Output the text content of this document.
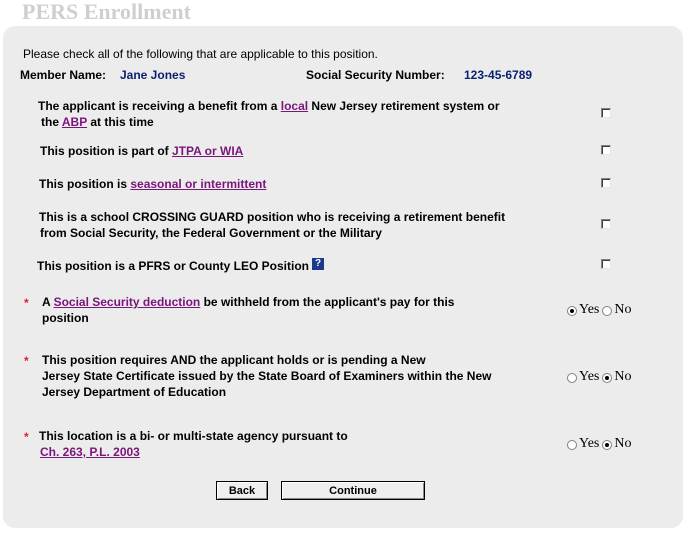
PERS Enrollment
Please check all of the following that are applicable to this position.
Member Name: Jane Jones	Social Security Number: 123-45-6789
The applicant is receiving a benefit from a local New Jersey retirement system or
the ABP at this time
This position is part of JTPA or WIA
This position is seasonal or intermittent
This is a school CROSSING GUARD position who is receiving a retirement benefit
from Social Security, the Federal Government or the Military
This position is a PFRS or County LEO Position ?
* A Social Security deduction be withheld from the applicant's pay for this
position
Yes No
* This position requires AND the applicant holds or is pending a New
Jersey State Certificate issued by the State Board of Examiners within the New
Jersey Department of Education
Yes No
* This location is a bi- or multi-state agency pursuant to
Ch. 263, P.L. 2003
Yes No
Back	Continue
